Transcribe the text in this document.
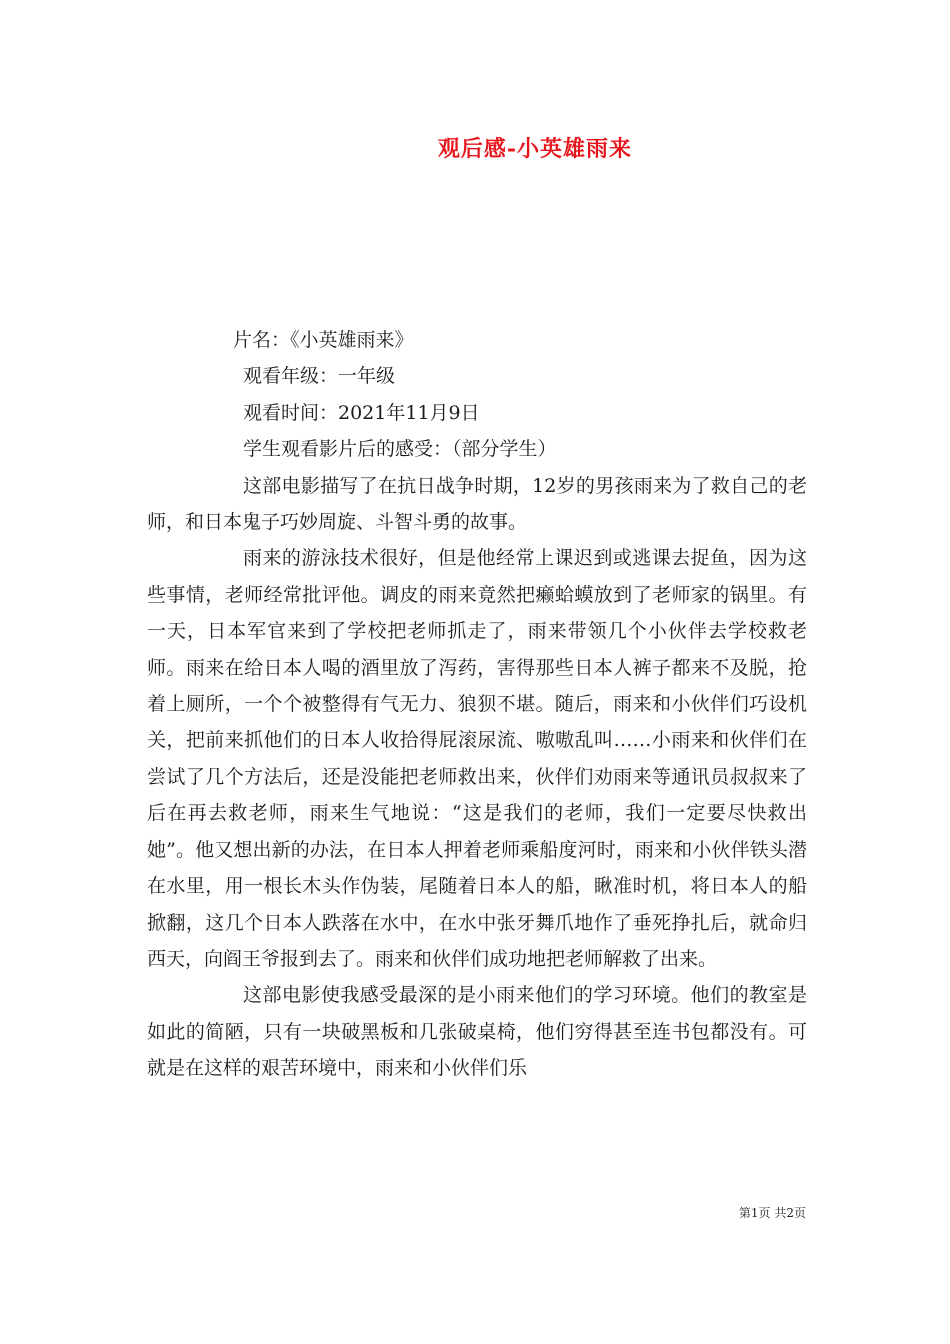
观后感-小英雄雨来

片名：《小英雄雨来》

观看年级：一年级

观看时间：2021年11月9日

学生观看影片后的感受：（部分学生）

这部电影描写了在抗日战争时期，12岁的男孩雨来为了救自己的老师，和日本鬼子巧妙周旋、斗智斗勇的故事。

雨来的游泳技术很好，但是他经常上课迟到或逃课去捉鱼，因为这些事情，老师经常批评他。调皮的雨来竟然把癞蛤蟆放到了老师家的锅里。有一天，日本军官来到了学校把老师抓走了，雨来带领几个小伙伴去学校救老师。雨来在给日本人喝的酒里放了泻药，害得那些日本人裤子都来不及脱，抢着上厕所，一个个被整得有气无力、狼狈不堪。随后，雨来和小伙伴们巧设机关，把前来抓他们的日本人收拾得屁滚尿流、嗷嗷乱叫……小雨来和伙伴们在尝试了几个方法后，还是没能把老师救出来，伙伴们劝雨来等通讯员叔叔来了后在再去救老师，雨来生气地说：“这是我们的老师，我们一定要尽快救出她”。他又想出新的办法，在日本人押着老师乘船度河时，雨来和小伙伴铁头潜在水里，用一根长木头作伪装，尾随着日本人的船，瞅准时机，将日本人的船掀翻，这几个日本人跌落在水中，在水中张牙舞爪地作了垂死挣扎后，就命归西天，向阎王爷报到去了。雨来和伙伴们成功地把老师解救了出来。

这部电影使我感受最深的是小雨来他们的学习环境。他们的教室是如此的简陋，只有一块破黑板和几张破桌椅，他们穷得甚至连书包都没有。可就是在这样的艰苦环境中，雨来和小伙伴们乐

第1页 共2页
